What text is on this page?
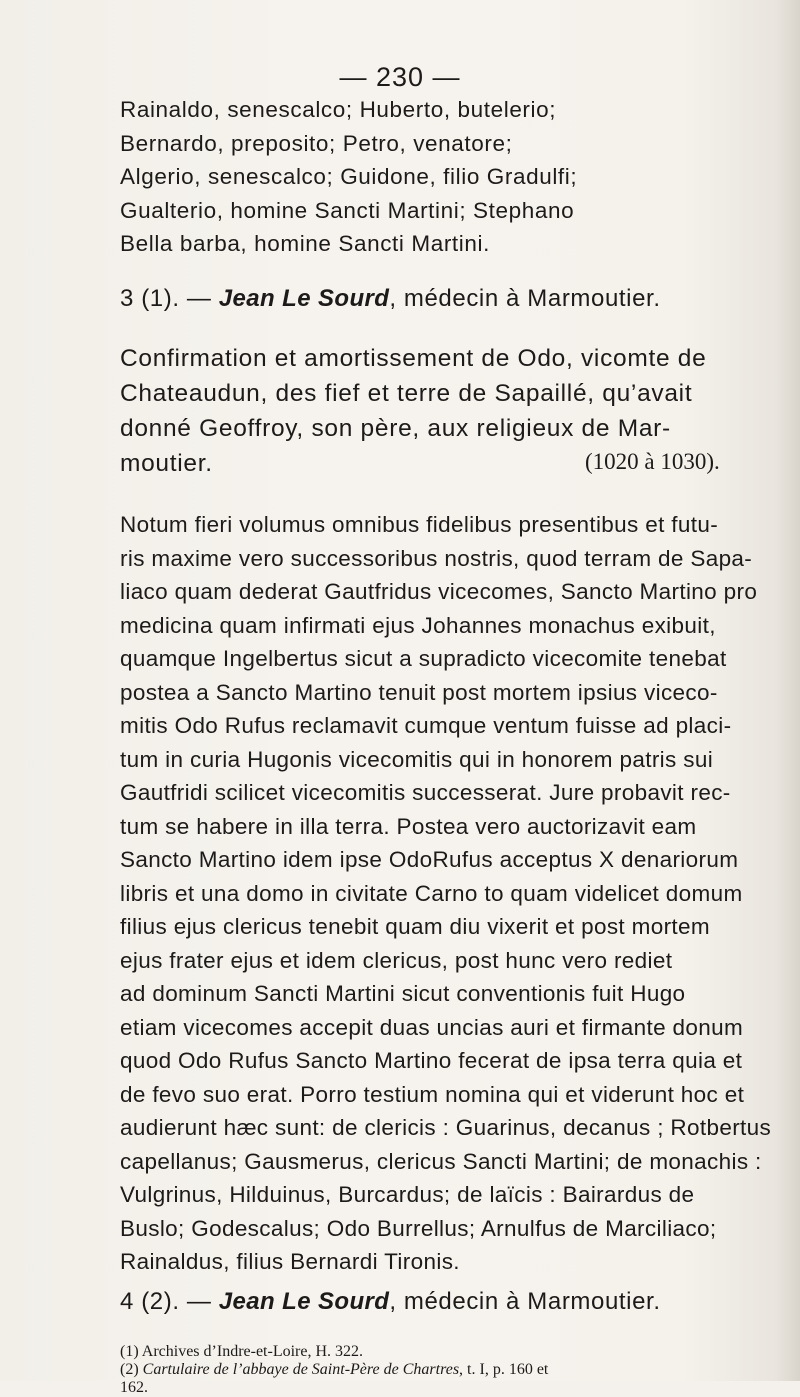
— 230 —
Rainaldo, senescalco; Huberto, butelerio;
Bernardo, preposito; Petro, venatore;
Algerio, senescalco; Guidone, filio Gradulfi;
Gualterio, homine Sancti Martini; Stephano
Bella barba, homine Sancti Martini.
3 (1). — Jean Le Sourd, médecin à Marmoutier.
Confirmation et amortissement de Odo, vicomte de
Chateaudun, des fief et terre de Sapaillé, qu’avait
donné Geoffroy, son père, aux religieux de Mar-
moutier.	(1020 à 1030).
Notum fieri volumus omnibus fidelibus presentibus et futu-
ris maxime vero successoribus nostris, quod terram de Sapa-
liaco quam dederat Gautfridus vicecomes, Sancto Martino pro
medicina quam infirmati ejus Johannes monachus exibuit,
quamque Ingelbertus sicut a supradicto vicecomite tenebat
postea a Sancto Martino tenuit post mortem ipsius viceco-
mitis Odo Rufus reclamavit cumque ventum fuisse ad placi-
tum in curia Hugonis vicecomitis qui in honorem patris sui
Gautfridi scilicet vicecomitis successerat. Jure probavit rec-
tum se habere in illa terra. Postea vero auctorizavit eam
Sancto Martino idem ipse OdoRufus acceptus X denariorum
libris et una domo in civitate Carno to quam videlicet domum
filius ejus clericus tenebit quam diu vixerit et post mortem
ejus frater ejus et idem clericus, post hunc vero rediet
ad dominum Sancti Martini sicut conventionis fuit Hugo
etiam vicecomes accepit duas uncias auri et firmante donum
quod Odo Rufus Sancto Martino fecerat de ipsa terra quia et
de fevo suo erat. Porro testium nomina qui et viderunt hoc et
audierunt hæc sunt: de clericis : Guarinus, decanus ; Rotbertus
capellanus; Gausmerus, clericus Sancti Martini; de monachis :
Vulgrinus, Hilduinus, Burcardus; de laïcis : Bairardus de
Buslo; Godescalus; Odo Burrellus; Arnulfus de Marciliaco;
Rainaldus, filius Bernardi Tironis.
4 (2). — Jean Le Sourd, médecin à Marmoutier.
(1) Archives d’Indre-et-Loire, H. 322.
(2) Cartulaire de l’abbaye de Saint-Père de Chartres, t. I, p. 160 et
162.
